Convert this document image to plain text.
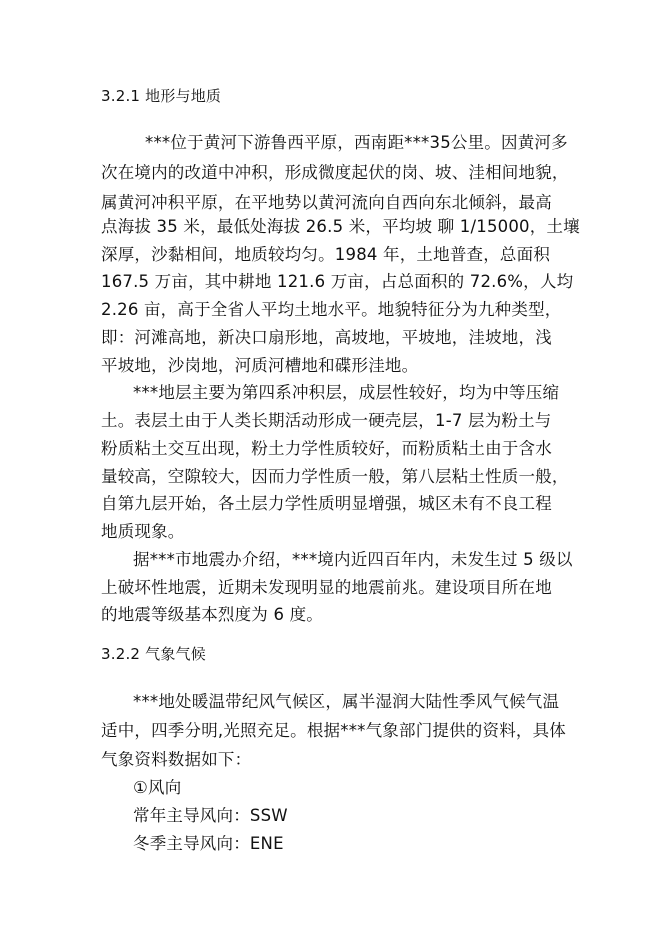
3.2.1 地形与地质
***位于黄河下游鲁西平原，西南距***35公里。因黄河多
次在境内的改道中冲积，形成微度起伏的岗、坡、洼相间地貌，
属黄河冲积平原，在平地势以黄河流向自西向东北倾斜，最高
点海拔 35 米，最低处海拔 26.5 米，平均坡 聊 1/15000，土壤
深厚，沙黏相间，地质较均匀。1984 年，土地普查，总面积
167.5 万亩，其中耕地 121.6 万亩，占总面积的 72.6%，人均
2.26 亩，高于全省人平均土地水平。地貌特征分为九种类型，
即：河滩高地，新决口扇形地，高坡地，平坡地，洼坡地，浅
平坡地，沙岗地，河质河槽地和碟形洼地。
***地层主要为第四系冲积层，成层性较好，均为中等压缩
土。表层土由于人类长期活动形成一硬壳层，1-7 层为粉土与
粉质粘土交互出现，粉土力学性质较好，而粉质粘土由于含水
量较高，空隙较大，因而力学性质一般，第八层粘土性质一般，
自第九层开始，各土层力学性质明显增强，城区未有不良工程
地质现象。
据***市地震办介绍，***境内近四百年内，未发生过 5 级以
上破坏性地震，近期未发现明显的地震前兆。建设项目所在地
的地震等级基本烈度为 6 度。
3.2.2 气象气候
***地处暖温带纪风气候区，属半湿润大陆性季风气候气温
适中，四季分明,光照充足。根据***气象部门提供的资料，具体
气象资料数据如下：
①风向
常年主导风向：SSW
冬季主导风向：ENE
